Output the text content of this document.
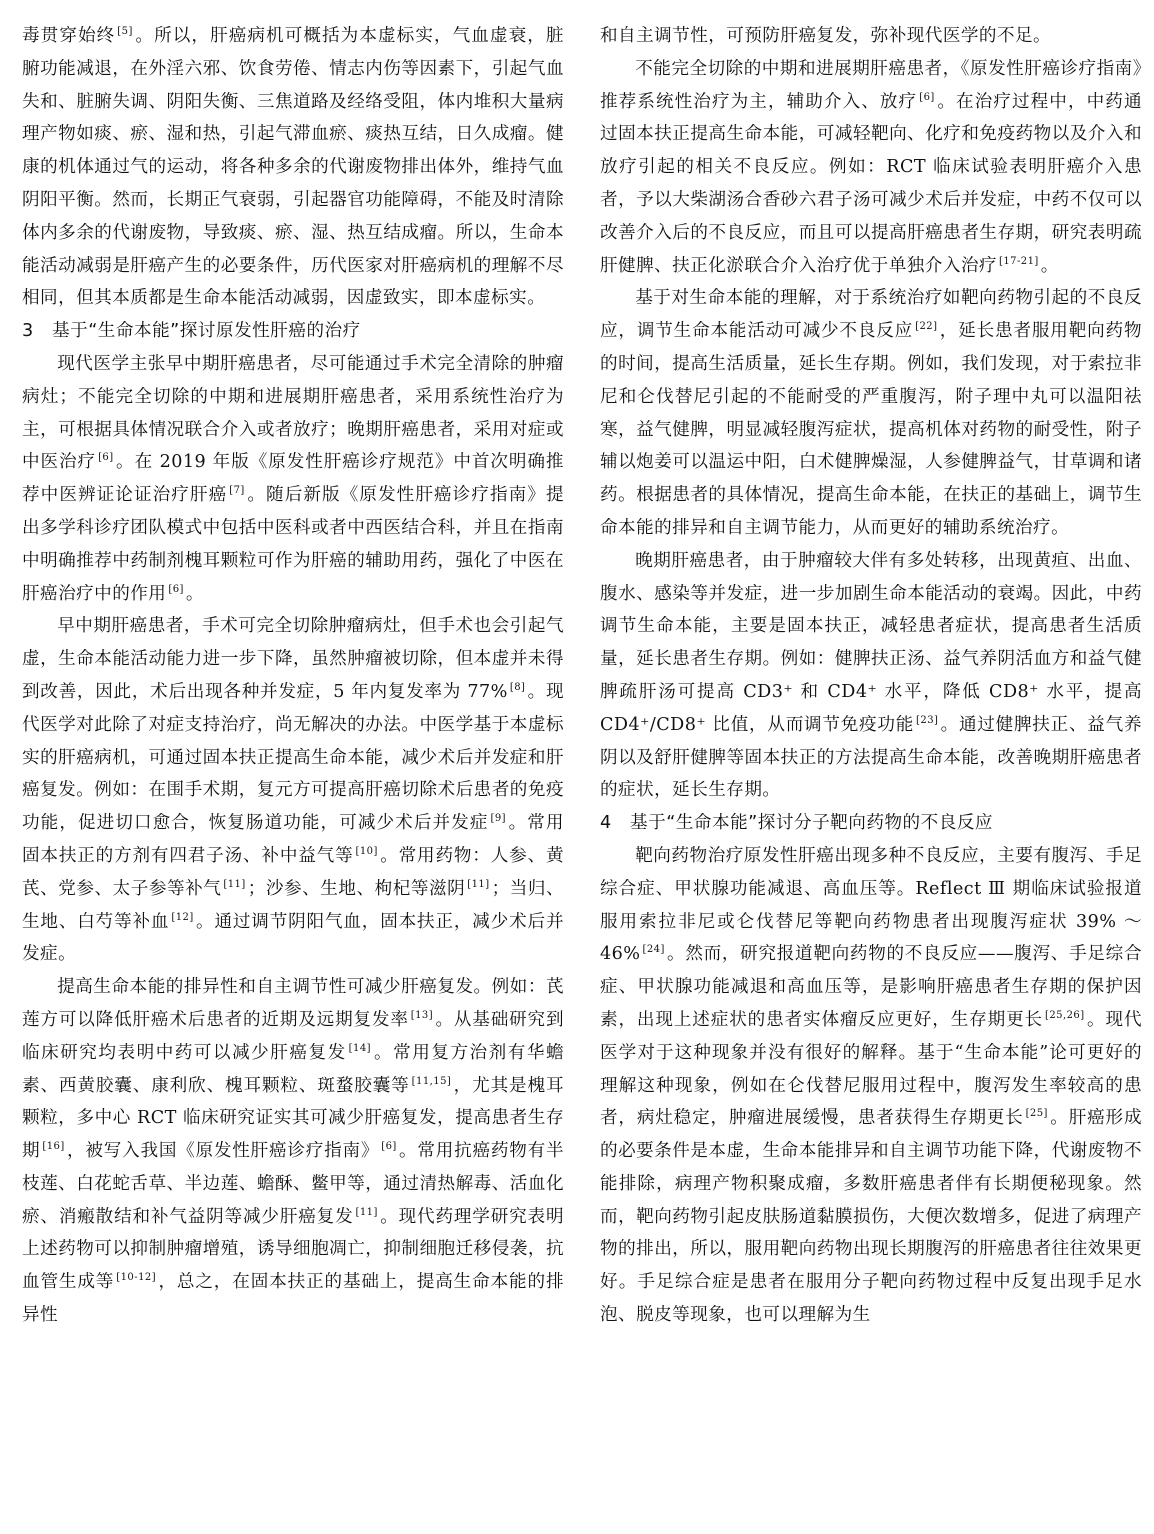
毒贯穿始终 [5] 。所以，肝癌病机可概括为本虚标实，气血虚衰，脏腑功能减退，在外淫六邪、饮食劳倦、情志内伤等因素下，引起气血失和、脏腑失调、阴阳失衡、三焦道路及经络受阻，体内堆积大量病理产物如痰、瘀、湿和热，引起气滞血瘀、痰热互结，日久成瘤。健康的机体通过气的运动，将各种多余的代谢废物排出体外，维持气血阴阳平衡。然而，长期正气衰弱，引起器官功能障碍，不能及时清除体内多余的代谢废物，导致痰、瘀、湿、热互结成瘤。所以，生命本能活动减弱是肝癌产生的必要条件，历代医家对肝癌病机的理解不尽相同，但其本质都是生命本能活动减弱，因虚致实，即本虚标实。

3 基于“生命本能”探讨原发性肝癌的治疗

现代医学主张早中期肝癌患者，尽可能通过手术完全清除的肿瘤病灶；不能完全切除的中期和进展期肝癌患者，采用系统性治疗为主，可根据具体情况联合介入或者放疗；晚期肝癌患者，采用对症或中医治疗 [6] 。在 2019 年版《原发性肝癌诊疗规范》中首次明确推荐中医辨证论证治疗肝癌 [7] 。随后新版《原发性肝癌诊疗指南》提出多学科诊疗团队模式中包括中医科或者中西医结合科，并且在指南中明确推荐中药制剂槐耳颗粒可作为肝癌的辅助用药，强化了中医在肝癌治疗中的作用 [6] 。

早中期肝癌患者，手术可完全切除肿瘤病灶，但手术也会引起气虚，生命本能活动能力进一步下降，虽然肿瘤被切除，但本虚并未得到改善，因此，术后出现各种并发症，5 年内复发率为 77% [8] 。现代医学对此除了对症支持治疗，尚无解决的办法。中医学基于本虚标实的肝癌病机，可通过固本扶正提高生命本能，减少术后并发症和肝癌复发。例如：在围手术期，复元方可提高肝癌切除术后患者的免疫功能，促进切口愈合，恢复肠道功能，可减少术后并发症 [9] 。常用固本扶正的方剂有四君子汤、补中益气等 [10] 。常用药物：人参、黄芪、党参、太子参等补气 [11] ；沙参、生地、枸杞等滋阴 [11] ；当归、生地、白芍等补血 [12] 。通过调节阴阳气血，固本扶正，减少术后并发症。

提高生命本能的排异性和自主调节性可减少肝癌复发。例如：芪莲方可以降低肝癌术后患者的近期及远期复发率 [13] 。从基础研究到临床研究均表明中药可以减少肝癌复发 [14] 。常用复方治剂有华蟾素、西黄胶囊、康利欣、槐耳颗粒、斑蝥胶囊等 [11,15] ，尤其是槐耳颗粒，多中心 RCT 临床研究证实其可减少肝癌复发，提高患者生存期 [16] ，被写入我国《原发性肝癌诊疗指南》 [6] 。常用抗癌药物有半枝莲、白花蛇舌草、半边莲、蟾酥、鳖甲等，通过清热解毒、活血化瘀、消瘢散结和补气益阴等减少肝癌复发 [11] 。现代药理学研究表明上述药物可以抑制肿瘤增殖，诱导细胞凋亡，抑制细胞迁移侵袭，抗血管生成等 [10-12] ，总之，在固本扶正的基础上，提高生命本能的排异性

和自主调节性，可预防肝癌复发，弥补现代医学的不足。

不能完全切除的中期和进展期肝癌患者，《原发性肝癌诊疗指南》推荐系统性治疗为主，辅助介入、放疗 [6] 。在治疗过程中，中药通过固本扶正提高生命本能，可减轻靶向、化疗和免疫药物以及介入和放疗引起的相关不良反应。例如：RCT 临床试验表明肝癌介入患者，予以大柴湖汤合香砂六君子汤可减少术后并发症，中药不仅可以改善介入后的不良反应，而且可以提高肝癌患者生存期，研究表明疏肝健脾、扶正化淤联合介入治疗优于单独介入治疗 [17-21] 。

基于对生命本能的理解，对于系统治疗如靶向药物引起的不良反应，调节生命本能活动可减少不良反应 [22] ，延长患者服用靶向药物的时间，提高生活质量，延长生存期。例如，我们发现，对于索拉非尼和仑伐替尼引起的不能耐受的严重腹泻，附子理中丸可以温阳祛寒，益气健脾，明显减轻腹泻症状，提高机体对药物的耐受性，附子辅以炮姜可以温运中阳，白术健脾燥湿，人参健脾益气，甘草调和诸药。根据患者的具体情况，提高生命本能，在扶正的基础上，调节生命本能的排异和自主调节能力，从而更好的辅助系统治疗。

晚期肝癌患者，由于肿瘤较大伴有多处转移，出现黄疸、出血、腹水、感染等并发症，进一步加剧生命本能活动的衰竭。因此，中药调节生命本能，主要是固本扶正，减轻患者症状，提高患者生活质量，延长患者生存期。例如：健脾扶正汤、益气养阴活血方和益气健脾疏肝汤可提高 CD3⁺ 和 CD4⁺ 水平，降低 CD8⁺ 水平，提高 CD4⁺/CD8⁺ 比值，从而调节免疫功能 [23] 。通过健脾扶正、益气养阴以及舒肝健脾等固本扶正的方法提高生命本能，改善晚期肝癌患者的症状，延长生存期。

4 基于“生命本能”探讨分子靶向药物的不良反应

靶向药物治疗原发性肝癌出现多种不良反应，主要有腹泻、手足综合症、甲状腺功能减退、高血压等。Reflect Ⅲ 期临床试验报道服用索拉非尼或仑伐替尼等靶向药物患者出现腹泻症状 39% ～46% [24] 。然而，研究报道靶向药物的不良反应——腹泻、手足综合症、甲状腺功能减退和高血压等，是影响肝癌患者生存期的保护因素，出现上述症状的患者实体瘤反应更好，生存期更长 [25,26] 。现代医学对于这种现象并没有很好的解释。基于“生命本能”论可更好的理解这种现象，例如在仑伐替尼服用过程中，腹泻发生率较高的患者，病灶稳定，肿瘤进展缓慢，患者获得生存期更长 [25] 。肝癌形成的必要条件是本虚，生命本能排异和自主调节功能下降，代谢废物不能排除，病理产物积聚成瘤，多数肝癌患者伴有长期便秘现象。然而，靶向药物引起皮肤肠道黏膜损伤，大便次数增多，促进了病理产物的排出，所以，服用靶向药物出现长期腹泻的肝癌患者往往效果更好。手足综合症是患者在服用分子靶向药物过程中反复出现手足水泡、脱皮等现象，也可以理解为生
